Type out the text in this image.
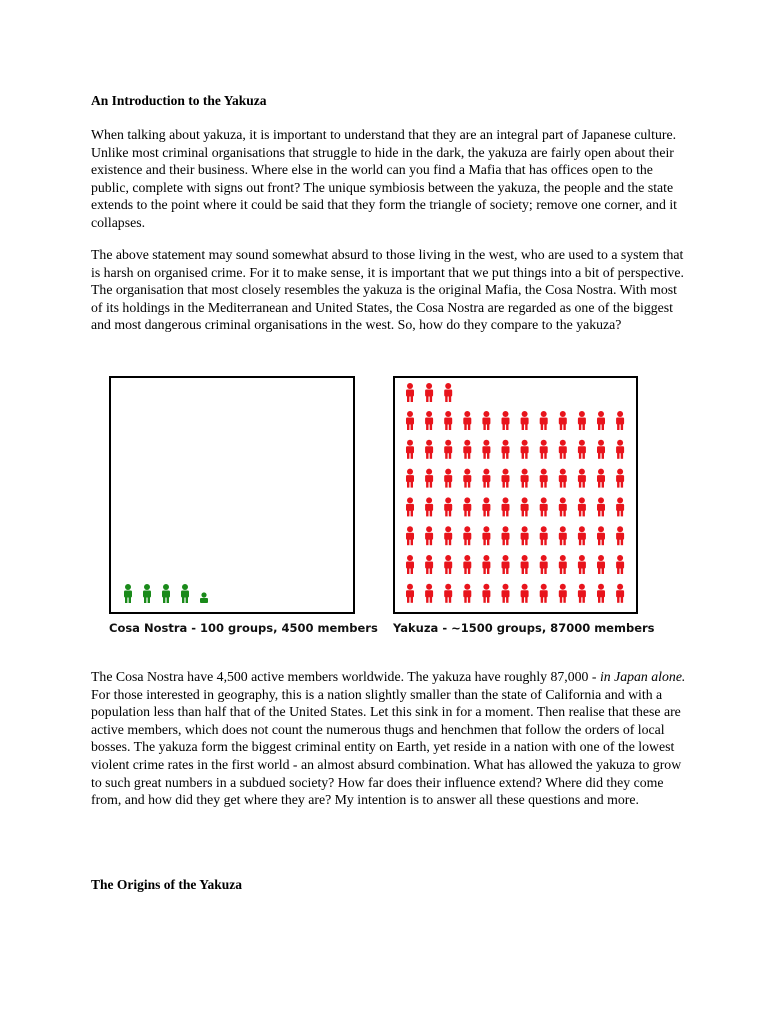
An Introduction to the Yakuza

When talking about yakuza, it is important to understand that they are an integral part of Japanese culture. Unlike most criminal organisations that struggle to hide in the dark, the yakuza are fairly open about their existence and their business. Where else in the world can you find a Mafia that has offices open to the public, complete with signs out front? The unique symbiosis between the yakuza, the people and the state extends to the point where it could be said that they form the triangle of society; remove one corner, and it collapses.

The above statement may sound somewhat absurd to those living in the west, who are used to a system that is harsh on organised crime. For it to make sense, it is important that we put things into a bit of perspective. The organisation that most closely resembles the yakuza is the original Mafia, the Cosa Nostra. With most of its holdings in the Mediterranean and United States, the Cosa Nostra are regarded as one of the biggest and most dangerous criminal organisations in the west. So, how do they compare to the yakuza?

Cosa Nostra - 100 groups, 4500 members Yakuza - ~1500 groups, 87000 members

The Cosa Nostra have 4,500 active members worldwide. The yakuza have roughly 87,000 - in Japan alone. For those interested in geography, this is a nation slightly smaller than the state of California and with a population less than half that of the United States. Let this sink in for a moment. Then realise that these are active members, which does not count the numerous thugs and henchmen that follow the orders of local bosses. The yakuza form the biggest criminal entity on Earth, yet reside in a nation with one of the lowest violent crime rates in the first world - an almost absurd combination. What has allowed the yakuza to grow to such great numbers in a subdued society? How far does their influence extend? Where did they come from, and how did they get where they are? My intention is to answer all these questions and more.

The Origins of the Yakuza
